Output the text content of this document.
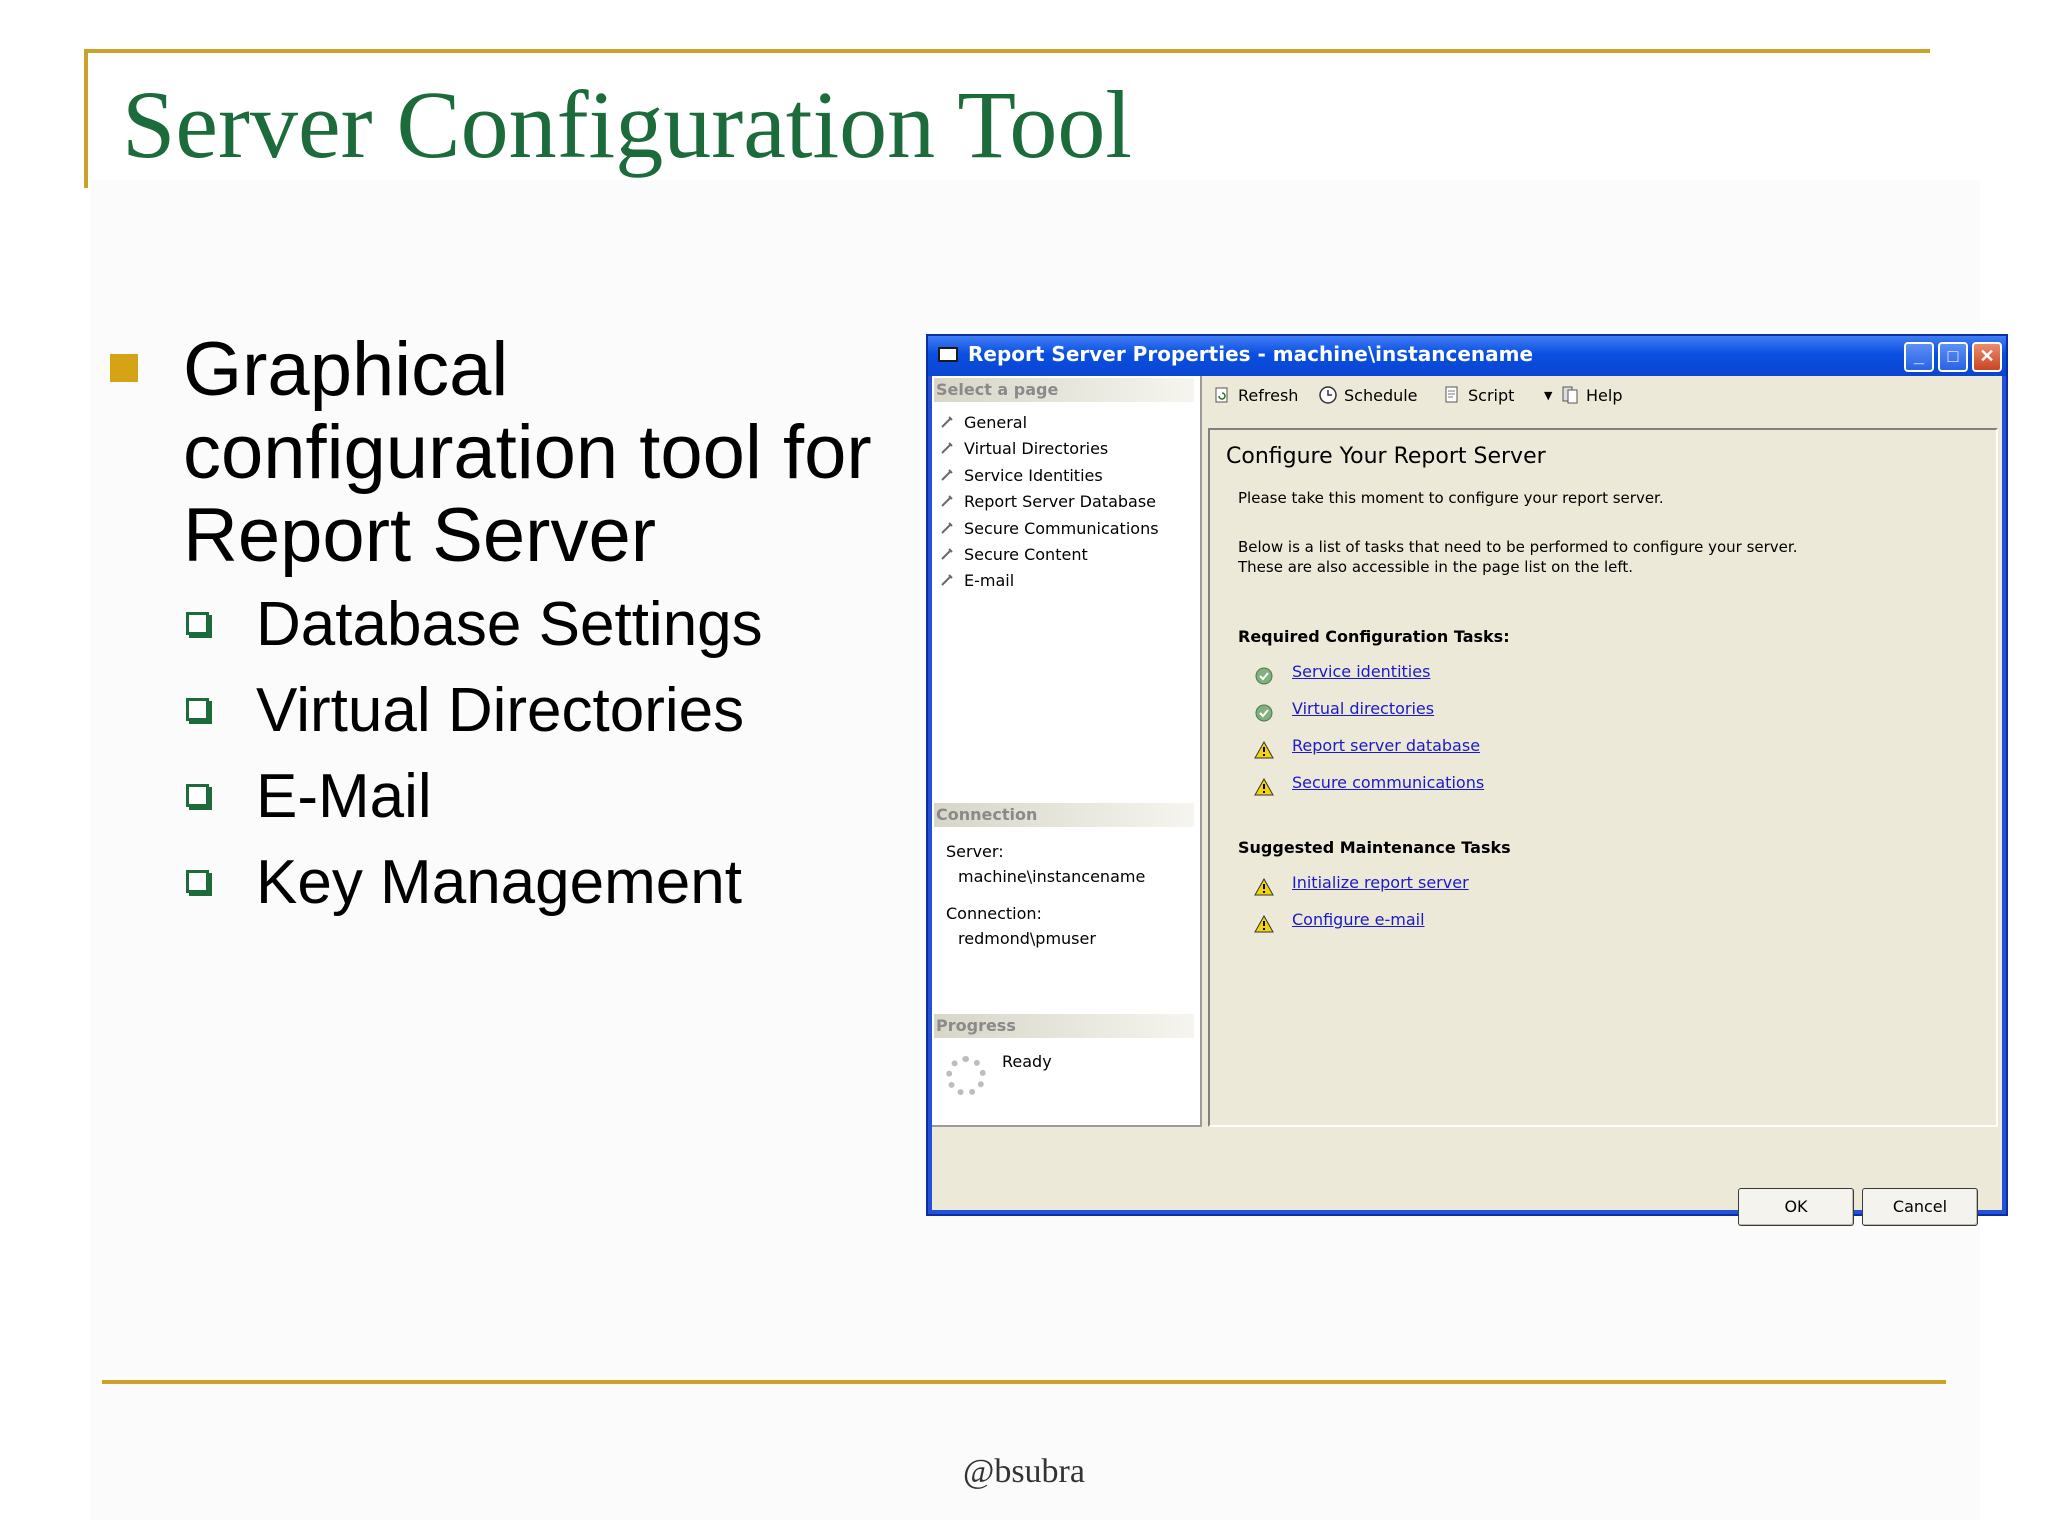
Server Configuration Tool
Graphical configuration tool for Report Server
Database Settings
Virtual Directories
E-Mail
Key Management
Report Server Properties - machine\instancename	_	□	✕
Select a page
General
Virtual Directories
Service Identities
Report Server Database
Secure Communications
Secure Content
E-mail
Connection
Server:
machine\instancename
Connection:
redmond\pmuser
Progress
Ready
Refresh	Schedule	Script	▼	Help
Configure Your Report Server
Please take this moment to configure your report server.
Below is a list of tasks that need to be performed to configure your server.
These are also accessible in the page list on the left.
Required Configuration Tasks:
Service identities
Virtual directories
Report server database
Secure communications
Suggested Maintenance Tasks
Initialize report server
Configure e-mail
OK	Cancel
@bsubra
